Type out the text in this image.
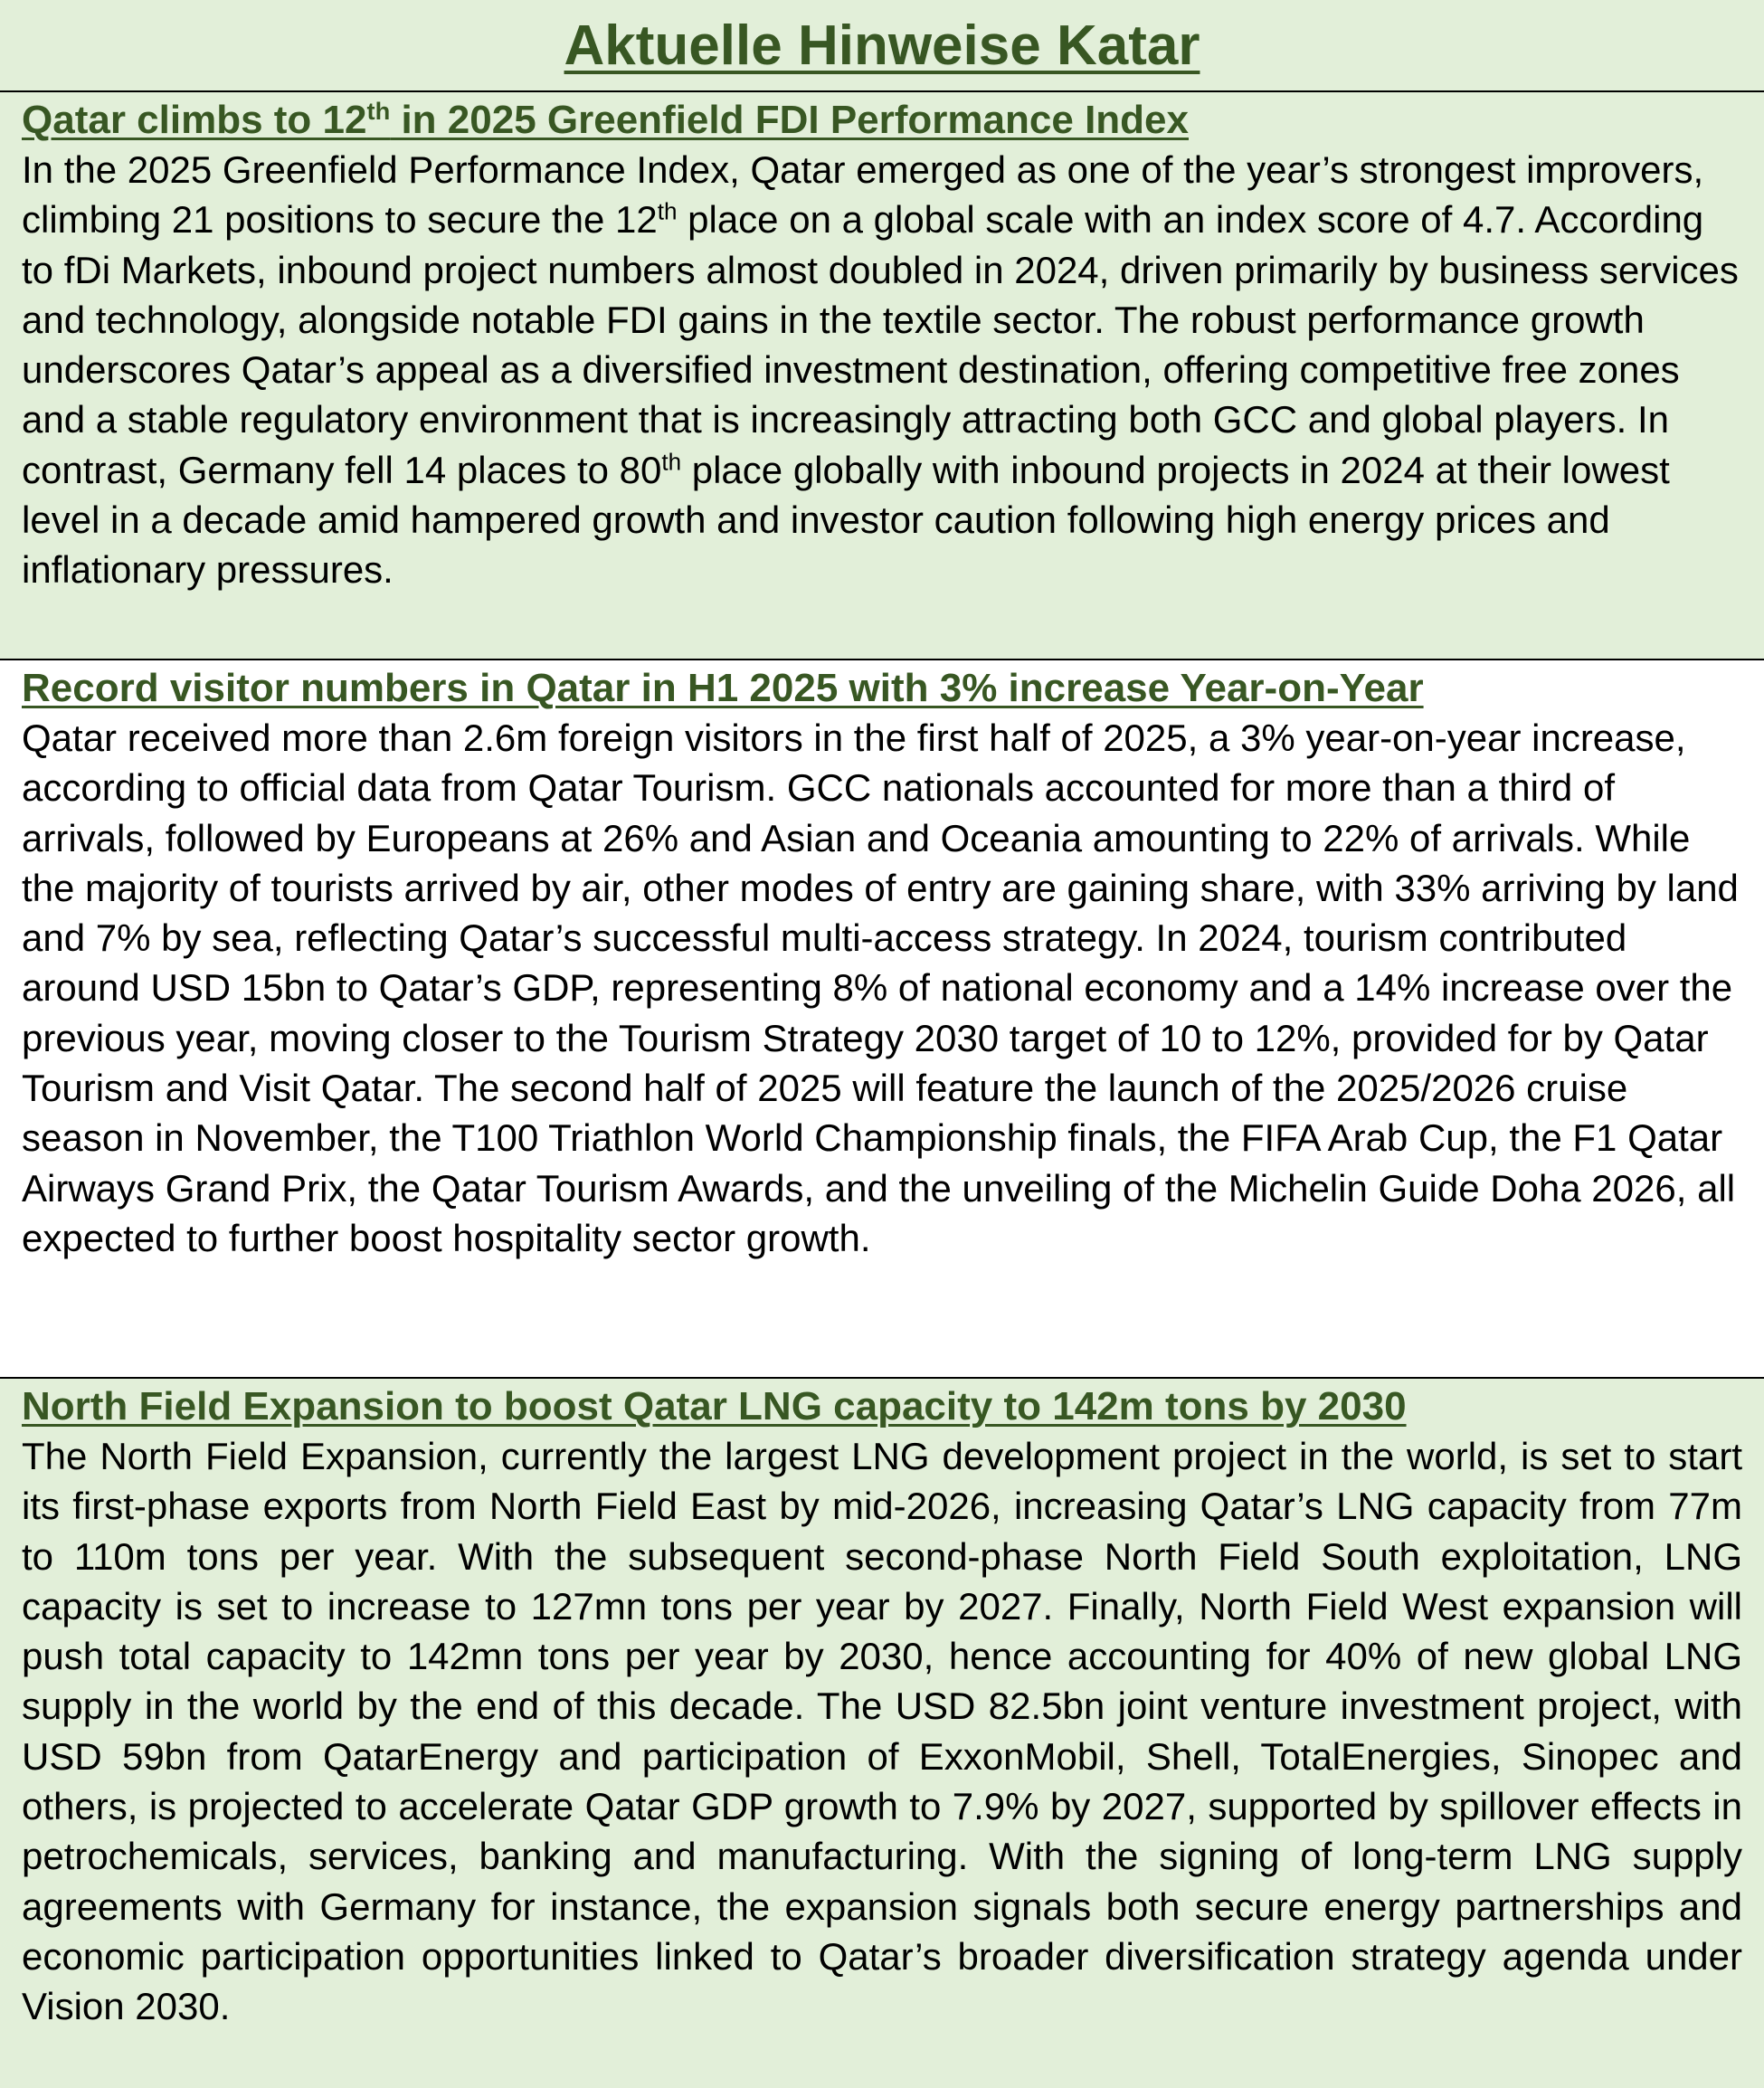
Aktuelle Hinweise Katar
Qatar climbs to 12th in 2025 Greenfield FDI Performance Index

In the 2025 Greenfield Performance Index, Qatar emerged as one of the year’s strongest improvers, climbing 21 positions to secure the 12th place on a global scale with an index score of 4.7. According to fDi Markets, inbound project numbers almost doubled in 2024, driven primarily by business services and technology, alongside notable FDI gains in the textile sector. The robust performance growth underscores Qatar’s appeal as a diversified investment destination, offering competitive free zones and a stable regulatory environment that is increasingly attracting both GCC and global players. In contrast, Germany fell 14 places to 80th place globally with inbound projects in 2024 at their lowest level in a decade amid hampered growth and investor caution following high energy prices and inflationary pressures.

Record visitor numbers in Qatar in H1 2025 with 3% increase Year-on-Year

Qatar received more than 2.6m foreign visitors in the first half of 2025, a 3% year-on-year increase, according to official data from Qatar Tourism. GCC nationals accounted for more than a third of arrivals, followed by Europeans at 26% and Asian and Oceania amounting to 22% of arrivals. While the majority of tourists arrived by air, other modes of entry are gaining share, with 33% arriving by land and 7% by sea, reflecting Qatar’s successful multi-access strategy. In 2024, tourism contributed around USD 15bn to Qatar’s GDP, representing 8% of national economy and a 14% increase over the previous year, moving closer to the Tourism Strategy 2030 target of 10 to 12%, provided for by Qatar Tourism and Visit Qatar. The second half of 2025 will feature the launch of the 2025/2026 cruise season in November, the T100 Triathlon World Championship finals, the FIFA Arab Cup, the F1 Qatar Airways Grand Prix, the Qatar Tourism Awards, and the unveiling of the Michelin Guide Doha 2026, all expected to further boost hospitality sector growth.

North Field Expansion to boost Qatar LNG capacity to 142m tons by 2030

The North Field Expansion, currently the largest LNG development project in the world, is set to start its first-phase exports from North Field East by mid-2026, increasing Qatar’s LNG capacity from 77m to 110m tons per year. With the subsequent second-phase North Field South exploitation, LNG capacity is set to increase to 127mn tons per year by 2027. Finally, North Field West expansion will push total capacity to 142mn tons per year by 2030, hence accounting for 40% of new global LNG supply in the world by the end of this decade. The USD 82.5bn joint venture investment project, with USD 59bn from QatarEnergy and participation of ExxonMobil, Shell, TotalEnergies, Sinopec and others, is projected to accelerate Qatar GDP growth to 7.9% by 2027, supported by spillover effects in petrochemicals, services, banking and manufacturing. With the signing of long-term LNG supply agreements with Germany for instance, the expansion signals both secure energy partnerships and economic participation opportunities linked to Qatar’s broader diversification strategy agenda under Vision 2030.
